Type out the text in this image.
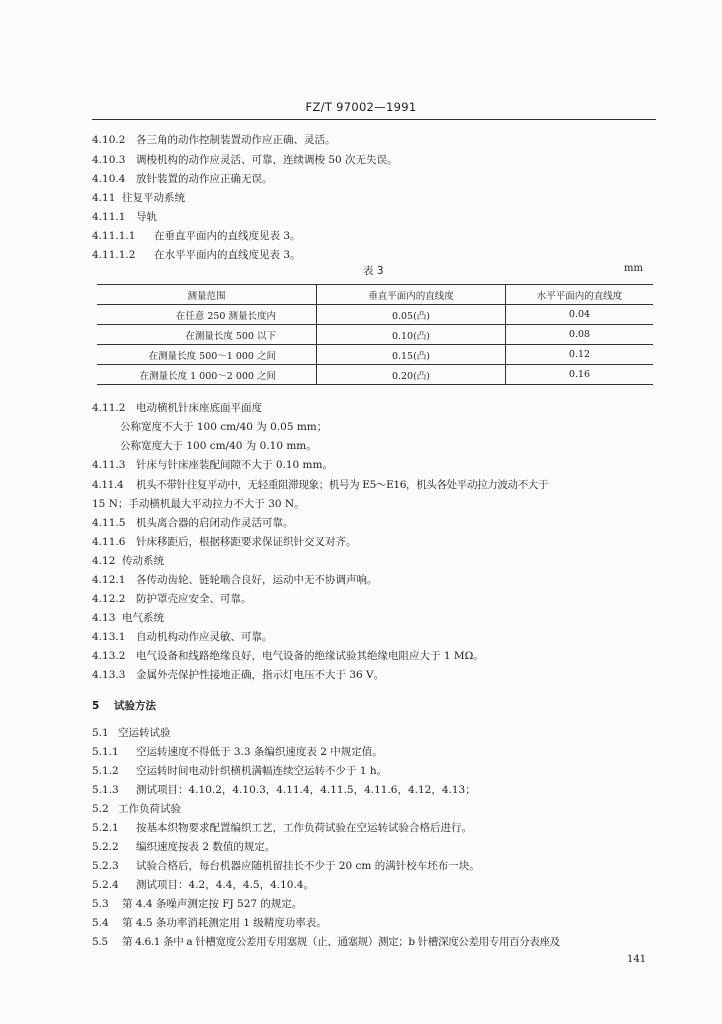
FZ/T 97002—1991
4.10.2 各三角的动作控制装置动作应正确、灵活。
4.10.3 调梭机构的动作应灵活、可靠，连续调梭 50 次无失误。
4.10.4 放针装置的动作应正确无误。
4.11 往复平动系统
4.11.1 导轨
4.11.1.1 在垂直平面内的直线度见表 3。
4.11.1.2 在水平平面内的直线度见表 3。
表 3	mm
测量范围	垂直平面内的直线度	水平平面内的直线度
在任意 250 测量长度内	0.05(凸)	0.04
在测量长度 500 以下	0.10(凸)	0.08
在测量长度 500～1 000 之间	0.15(凸)	0.12
在测量长度 1 000～2 000 之间	0.20(凸)	0.16
4.11.2 电动横机针床座底面平面度
公称宽度不大于 100 cm/40 为 0.05 mm；
公称宽度大于 100 cm/40 为 0.10 mm。
4.11.3 针床与针床座装配间隙不大于 0.10 mm。
4.11.4 机头不带针往复平动中，无轻重阻滞现象；机号为 E5～E16，机头各处平动拉力波动不大于
15 N；手动横机最大平动拉力不大于 30 N。
4.11.5 机头离合器的启闭动作灵活可靠。
4.11.6 针床移距后，根据移距要求保证织针交叉对齐。
4.12 传动系统
4.12.1 各传动齿轮、链轮啮合良好，运动中无不协调声响。
4.12.2 防护罩壳应安全、可靠。
4.13 电气系统
4.13.1 自动机构动作应灵敏、可靠。
4.13.2 电气设备和线路绝缘良好，电气设备的绝缘试验其绝缘电阻应大于 1 MΩ。
4.13.3 金属外壳保护性接地正确，指示灯电压不大于 36 V。
5 试验方法
5.1 空运转试验
5.1.1 空运转速度不得低于 3.3 条编织速度表 2 中规定值。
5.1.2 空运转时间电动针织横机满幅连续空运转不少于 1 h。
5.1.3 测试项目：4.10.2，4.10.3，4.11.4，4.11.5，4.11.6，4.12，4.13；
5.2 工作负荷试验
5.2.1 按基本织物要求配置编织工艺，工作负荷试验在空运转试验合格后进行。
5.2.2 编织速度按表 2 数值的规定。
5.2.3 试验合格后，每台机器应随机留挂长不少于 20 cm 的满针校车坯布一块。
5.2.4 测试项目：4.2，4.4，4.5，4.10.4。
5.3 第 4.4 条噪声测定按 FJ 527 的规定。
5.4 第 4.5 条功率消耗测定用 1 级精度功率表。
5.5 第 4.6.1 条中 a 针槽宽度公差用专用塞规（止、通塞规）测定；b 针槽深度公差用专用百分表座及
141
